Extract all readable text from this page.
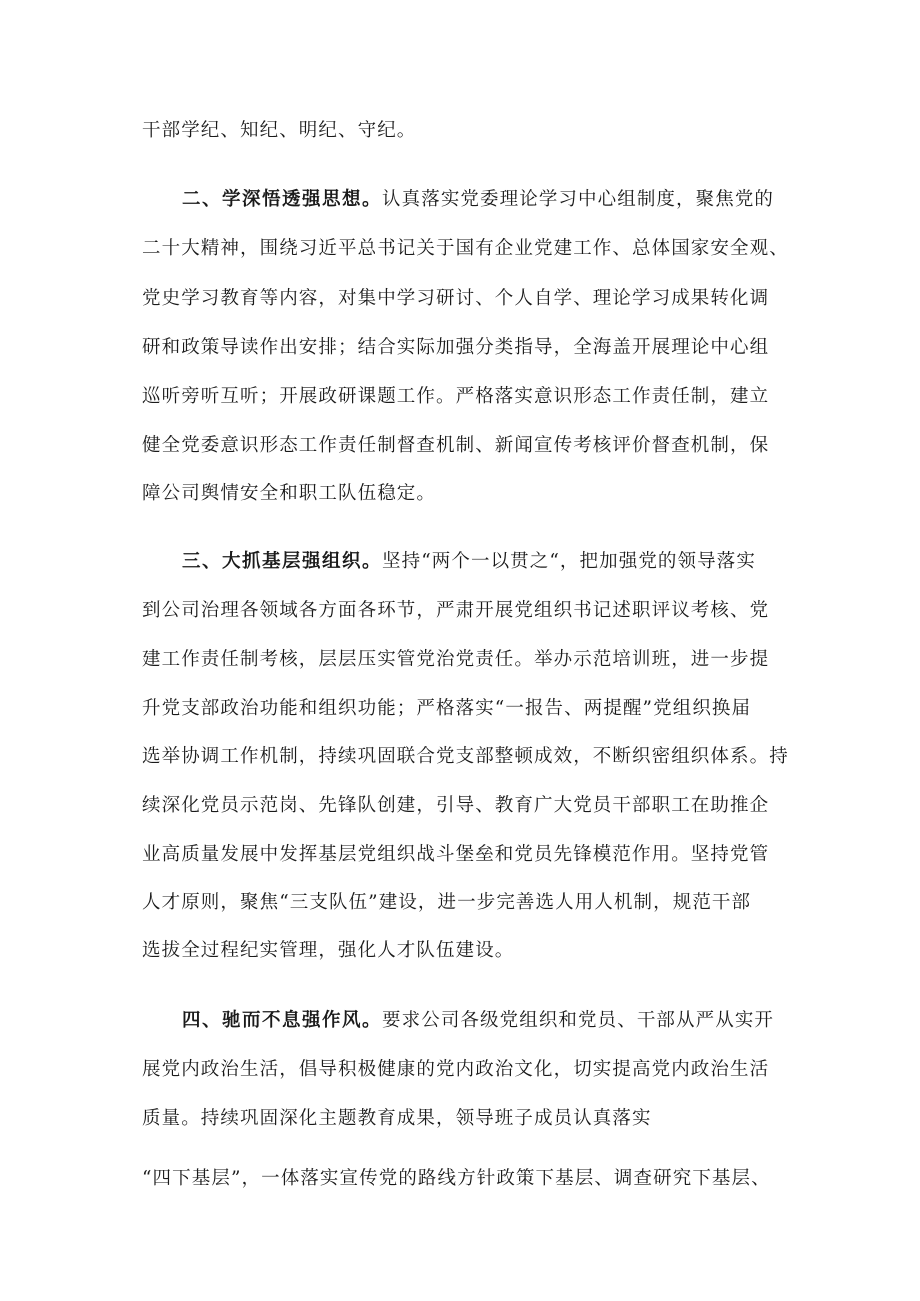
干部学纪、知纪、明纪、守纪。
二、学深悟透强思想。认真落实党委理论学习中心组制度，聚焦党的
二十大精神，围绕习近平总书记关于国有企业党建工作、总体国家安全观、
党史学习教育等内容，对集中学习研讨、个人自学、理论学习成果转化调
研和政策导读作出安排；结合实际加强分类指导，全海盖开展理论中心组
巡听旁听互听；开展政研课题工作。严格落实意识形态工作责任制，建立
健全党委意识形态工作责任制督查机制、新闻宣传考核评价督查机制，保
障公司舆情安全和职工队伍稳定。
三、大抓基层强组织。坚持“两个一以贯之“，把加强党的领导落实
到公司治理各领域各方面各环节，严肃开展党组织书记述职评议考核、党
建工作责任制考核，层层压实管党治党责任。举办示范培训班，进一步提
升党支部政治功能和组织功能；严格落实“一报告、两提醒”党组织换届
选举协调工作机制，持续巩固联合党支部整顿成效，不断织密组织体系。持
续深化党员示范岗、先锋队创建，引导、教育广大党员干部职工在助推企
业高质量发展中发挥基层党组织战斗堡垒和党员先锋模范作用。坚持党管
人才原则，聚焦“三支队伍”建设，进一步完善选人用人机制，规范干部
选拔全过程纪实管理，强化人才队伍建设。
四、驰而不息强作风。要求公司各级党组织和党员、干部从严从实开
展党内政治生活，倡导积极健康的党内政治文化，切实提高党内政治生活
质量。持续巩固深化主题教育成果，领导班子成员认真落实
“四下基层”，一体落实宣传党的路线方针政策下基层、调查研究下基层、
